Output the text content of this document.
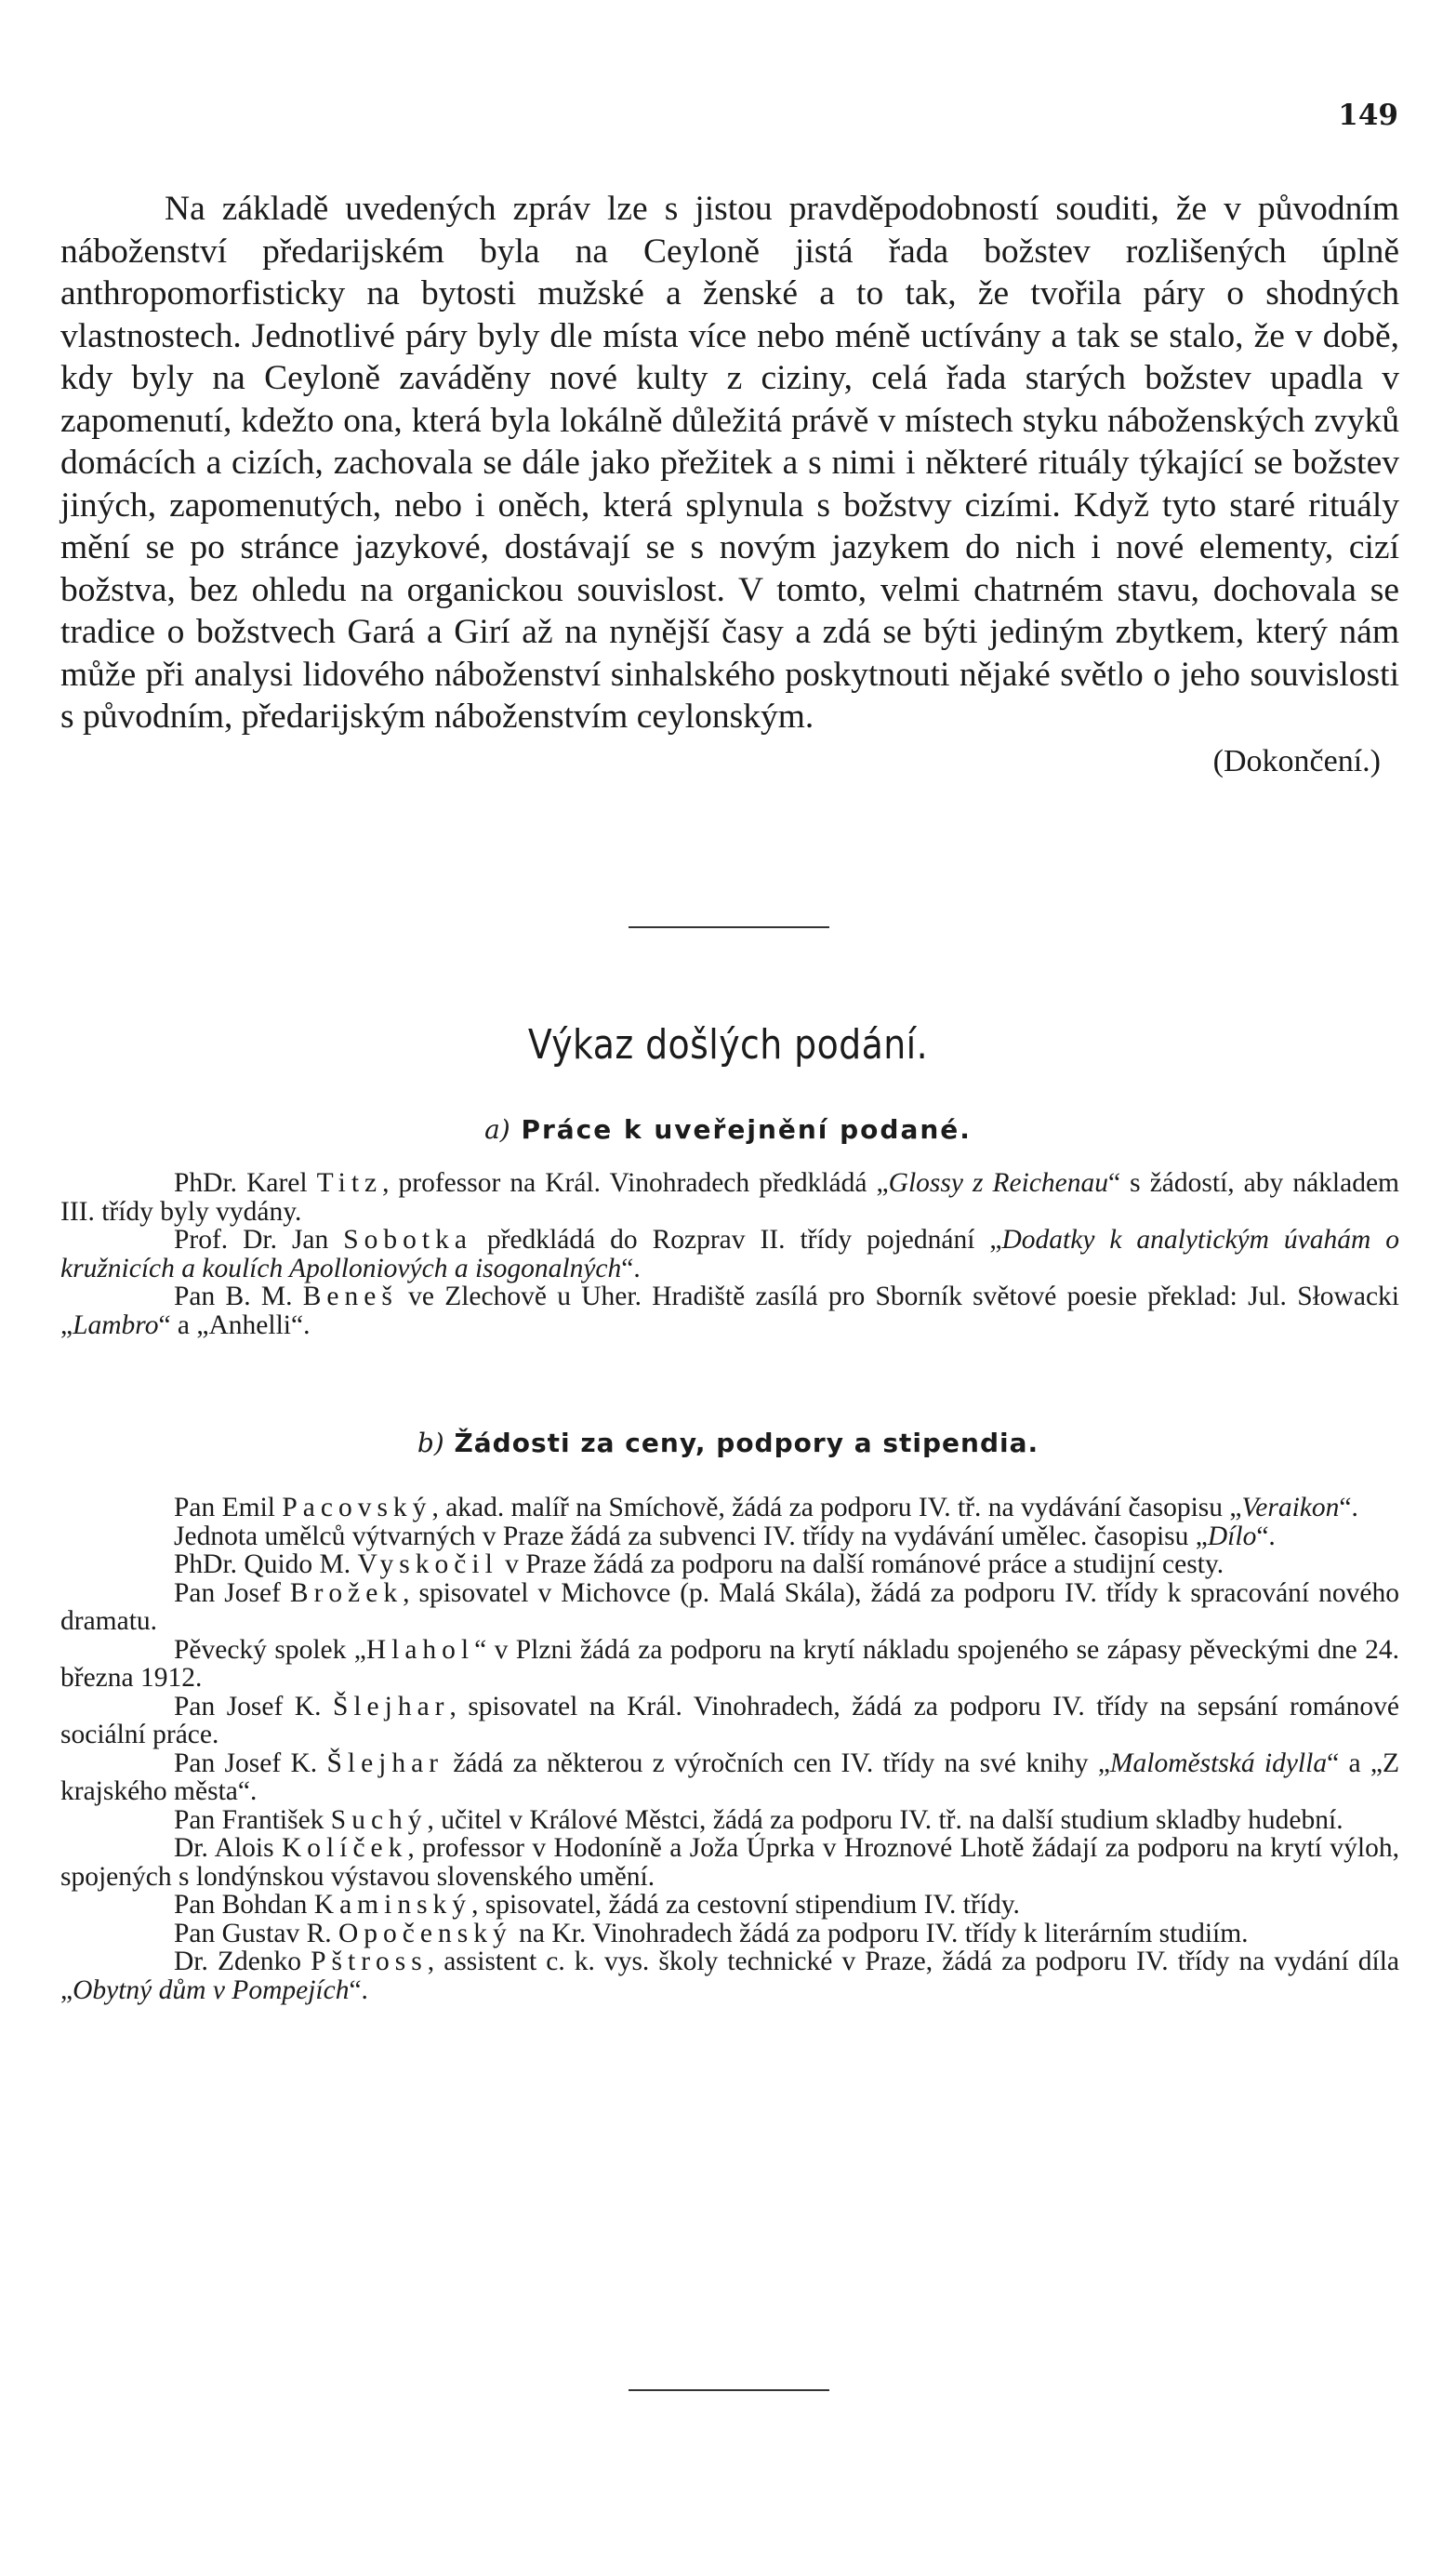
149

Na základě uvedených zpráv lze s jistou pravděpodobností souditi, že v původním náboženství předarijském byla na Ceyloně jistá řada božstev rozlišených úplně anthropomorfisticky na bytosti mužské a ženské a to tak, že tvořila páry o shodných vlastnostech. Jednotlivé páry byly dle místa více nebo méně uctívány a tak se stalo, že v době, kdy byly na Ceyloně zaváděny nové kulty z ciziny, celá řada starých božstev upadla v zapomenutí, kdežto ona, která byla lokálně důležitá právě v místech styku náboženských zvyků domácích a cizích, zachovala se dále jako přežitek a s nimi i některé rituály týkající se božstev jiných, zapomenutých, nebo i oněch, která splynula s božstvy cizími. Když tyto staré rituály mění se po stránce jazykové, dostávají se s novým jazykem do nich i nové elementy, cizí božstva, bez ohledu na organickou souvislost. V tomto, velmi chatrném stavu, dochovala se tradice o božstvech Gará a Girí až na nynější časy a zdá se býti jediným zbytkem, který nám může při analysi lidového náboženství sinhalského poskytnouti nějaké světlo o jeho souvislosti s původním, předarijským náboženstvím ceylonským.

(Dokončení.)
Výkaz došlých podání.
a) Práce k uveřejnění podané.

PhDr. Karel Titz, professor na Král. Vinohradech předkládá „Glossy z Reichenau“ s žádostí, aby nákladem III. třídy byly vydány.

Prof. Dr. Jan Sobotka předkládá do Rozprav II. třídy pojednání „Dodatky k analytickým úvahám o kružnicích a koulích Apolloniových a isogonalných“.

Pan B. M. Beneš ve Zlechově u Uher. Hradiště zasílá pro Sborník světové poesie překlad: Jul. Słowacki „Lambro“ a „Anhelli“.

b) Žádosti za ceny, podpory a stipendia.

Pan Emil Pacovský, akad. malíř na Smíchově, žádá za podporu IV. tř. na vydávání časopisu „Veraikon“.

Jednota umělců výtvarných v Praze žádá za subvenci IV. třídy na vydávání umělec. časopisu „Dílo“.

PhDr. Quido M. Vyskočil v Praze žádá za podporu na další románové práce a studijní cesty.

Pan Josef Brožek, spisovatel v Michovce (p. Malá Skála), žádá za podporu IV. třídy k spracování nového dramatu.

Pěvecký spolek „Hlahol“ v Plzni žádá za podporu na krytí nákladu spojeného se zápasy pěveckými dne 24. března 1912.

Pan Josef K. Šlejhar, spisovatel na Král. Vinohradech, žádá za podporu IV. třídy na sepsání románové sociální práce.

Pan Josef K. Šlejhar žádá za některou z výročních cen IV. třídy na své knihy „Maloměstská idylla“ a „Z krajského města“.

Pan František Suchý, učitel v Králové Městci, žádá za podporu IV. tř. na další studium skladby hudební.

Dr. Alois Kolíček, professor v Hodoníně a Joža Úprka v Hroznové Lhotě žádají za podporu na krytí výloh, spojených s londýnskou výstavou slovenského umění.

Pan Bohdan Kaminský, spisovatel, žádá za cestovní stipendium IV. třídy.

Pan Gustav R. Opočenský na Kr. Vinohradech žádá za podporu IV. třídy k literárním studiím.

Dr. Zdenko Pštross, assistent c. k. vys. školy technické v Praze, žádá za podporu IV. třídy na vydání díla „Obytný dům v Pompejích“.
